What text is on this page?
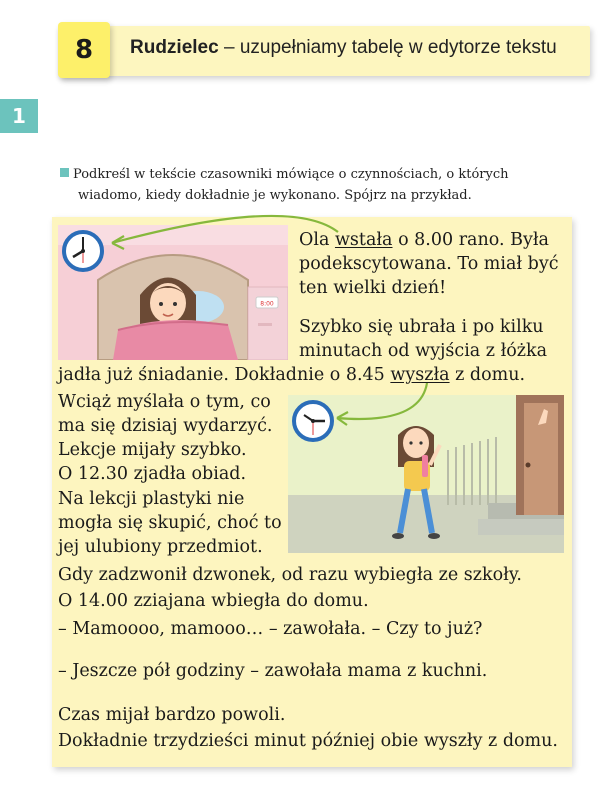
8	Rudzielec – uzupełniamy tabelę w edytorze tekstu
1
Podkreśl w tekście czasowniki mówiące o czynnościach, o których
wiadomo, kiedy dokładnie je wykonano. Spójrz na przykład.
8:00
Ola wstała o 8.00 rano. Była
podekscytowana. To miał być
ten wielki dzień!
Szybko się ubrała i po kilku
minutach od wyjścia z łóżka
jadła już śniadanie. Dokładnie o 8.45 wyszła z domu.
Wciąż myślała o tym, co
ma się dzisiaj wydarzyć.
Lekcje mijały szybko.
O 12.30 zjadła obiad.
Na lekcji plastyki nie
mogła się skupić, choć to
jej ulubiony przedmiot.
Gdy zadzwonił dzwonek, od razu wybiegła ze szkoły.
O 14.00 zziajana wbiegła do domu.
– Mamoooo, mamooo… – zawołała. – Czy to już?
– Jeszcze pół godziny – zawołała mama z kuchni.
Czas mijał bardzo powoli.
Dokładnie trzydzieści minut później obie wyszły z domu.
